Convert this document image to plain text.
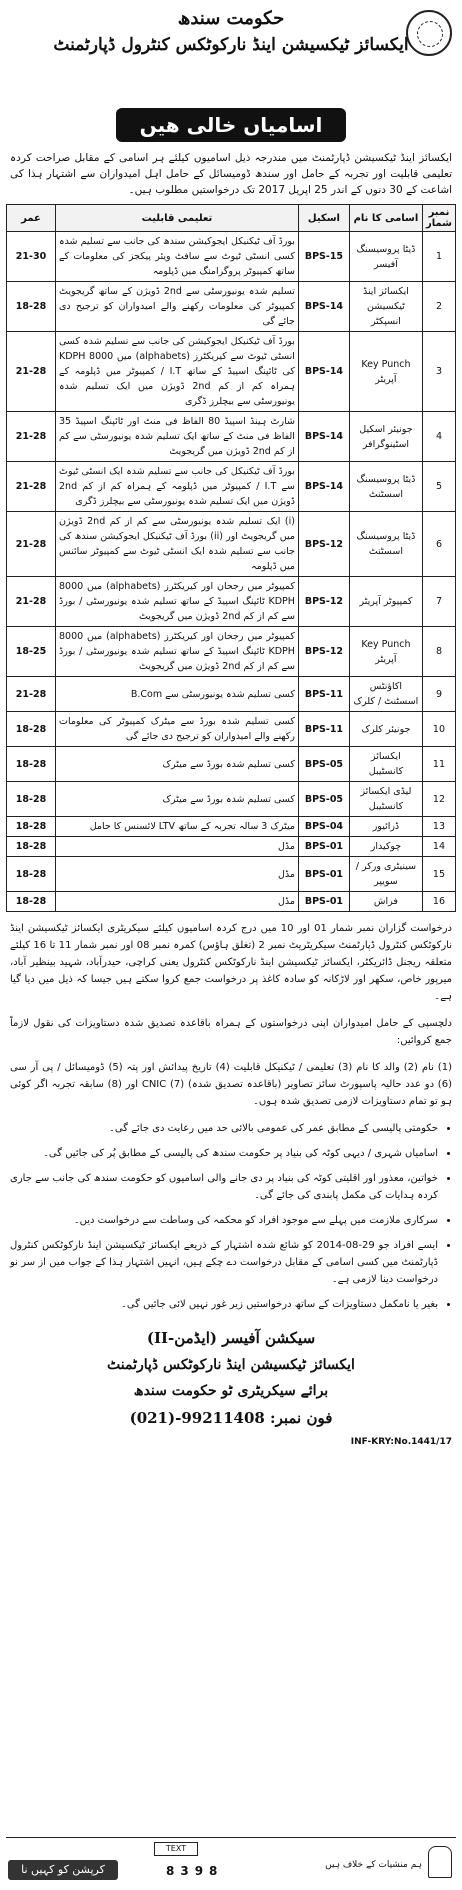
حکومت سندھ
ایکسائز ٹیکسیشن اینڈ نارکوٹکس کنٹرول ڈپارٹمنٹ
اسامیاں خالی ھیں
ایکسائز اینڈ ٹیکسیشن ڈپارٹمنٹ میں مندرجہ ذیل اسامیوں کیلئے ہر اسامی کے مقابل صراحت کردہ تعلیمی قابلیت اور تجربہ کے حامل اور سندھ ڈومیسائل کے حامل اہل امیدواران سے اشتہار ہذا کی اشاعت کے 30 دنوں کے اندر 25 اپریل 2017 تک درخواستیں مطلوب ہیں۔
نمبر شمار	اسامی کا نام	اسکیل	تعلیمی قابلیت	عمر
1	ڈیٹا پروسیسنگ آفیسر	BPS-15	بورڈ آف ٹیکنیکل ایجوکیشن سندھ کی جانب سے تسلیم شدہ کسی انسٹی ٹیوٹ سے سافٹ ویئر پیکجز کی معلومات کے ساتھ کمپیوٹر پروگرامنگ میں ڈپلومہ	21-30
2	ایکسائز اینڈ ٹیکسیشن انسپکٹر	BPS-14	تسلیم شدہ یونیورسٹی سے 2nd ڈویژن کے ساتھ گریجویٹ کمپیوٹر کی معلومات رکھنے والے امیدواران کو ترجیح دی جائے گی	18-28
3	Key Punch آپریٹر	BPS-14	بورڈ آف ٹیکنیکل ایجوکیشن کی جانب سے تسلیم شدہ کسی انسٹی ٹیوٹ سے کیریکٹرز (alphabets) میں 8000 KDPH کی ٹائپنگ اسپیڈ کے ساتھ I.T / کمپیوٹر میں ڈپلومہ کے ہمراہ کم از کم 2nd ڈویژن میں ایک تسلیم شدہ یونیورسٹی سے بیچلرز ڈگری	21-28
4	جونیئر اسکیل اسٹینوگرافر	BPS-14	شارٹ ہینڈ اسپیڈ 80 الفاظ فی منٹ اور ٹائپنگ اسپیڈ 35 الفاظ فی منٹ کے ساتھ ایک تسلیم شدہ یونیورسٹی سے کم از کم 2nd ڈویژن میں گریجویٹ	21-28
5	ڈیٹا پروسیسنگ اسسٹنٹ	BPS-14	بورڈ آف ٹیکنیکل کی جانب سے تسلیم شدہ ایک انسٹی ٹیوٹ سے I.T / کمپیوٹر میں ڈپلومہ کے ہمراہ کم از کم 2nd ڈویژن میں ایک تسلیم شدہ یونیورسٹی سے بیچلرز ڈگری	21-28
6	ڈیٹا پروسیسنگ اسسٹنٹ	BPS-12	(i) ایک تسلیم شدہ یونیورسٹی سے کم از کم 2nd ڈویژن میں گریجویٹ اور (ii) بورڈ آف ٹیکنیکل ایجوکیشن سندھ کی جانب سے تسلیم شدہ ایک انسٹی ٹیوٹ سے کمپیوٹر سائنس میں ڈپلومہ	21-28
7	کمپیوٹر آپریٹر	BPS-12	کمپیوٹر میں رجحان اور کیریکٹرز (alphabets) میں 8000 KDPH ٹائپنگ اسپیڈ کے ساتھ تسلیم شدہ یونیورسٹی / بورڈ سے کم از کم 2nd ڈویژن میں گریجویٹ	21-28
8	Key Punch آپریٹر	BPS-12	کمپیوٹر میں رجحان اور کیریکٹرز (alphabets) میں 8000 KDPH ٹائپنگ اسپیڈ کے ساتھ تسلیم شدہ یونیورسٹی / بورڈ سے کم از کم 2nd ڈویژن میں گریجویٹ	18-25
9	اکاؤنٹس اسسٹنٹ / کلرک	BPS-11	کسی تسلیم شدہ یونیورسٹی سے B.Com	21-28
10	جونیئر کلرک	BPS-11	کسی تسلیم شدہ بورڈ سے میٹرک کمپیوٹر کی معلومات رکھنے والے امیدواران کو ترجیح دی جائے گی	18-28
11	ایکسائز کانسٹیبل	BPS-05	کسی تسلیم شدہ بورڈ سے میٹرک	18-28
12	لیڈی ایکسائز کانسٹیبل	BPS-05	کسی تسلیم شدہ بورڈ سے میٹرک	18-28
13	ڈرائیور	BPS-04	میٹرک 3 سالہ تجربہ کے ساتھ LTV لائسنس کا حامل	18-28
14	چوکیدار	BPS-01	مڈل	18-28
15	سینیٹری ورکر / سویپر	BPS-01	مڈل	18-28
16	فراش	BPS-01	مڈل	18-28

درخواست گزاران نمبر شمار 01 اور 10 میں درج کردہ اسامیوں کیلئے سیکریٹری ایکسائز ٹیکسیشن اینڈ نارکوٹکس کنٹرول ڈپارٹمنٹ سیکریٹریٹ نمبر 2 (تغلق ہاؤس) کمرہ نمبر 08 اور نمبر شمار 11 تا 16 کیلئے متعلقہ ریجنل ڈائریکٹر، ایکسائز ٹیکسیشن اینڈ نارکوٹکس کنٹرول یعنی کراچی، حیدرآباد، شہید بینظیر آباد، میرپور خاص، سکھر اور لاڑکانہ کو سادہ کاغذ پر درخواست جمع کروا سکتے ہیں جیسا کہ ذیل میں دیا گیا ہے۔

دلچسپی کے حامل امیدواران اپنی درخواستوں کے ہمراہ باقاعدہ تصدیق شدہ دستاویزات کی نقول لازماً جمع کروائیں:

(1) نام (2) والد کا نام (3) تعلیمی / ٹیکنیکل قابلیت (4) تاریخ پیدائش اور پتہ (5) ڈومیسائل / پی آر سی (6) دو عدد حالیہ پاسپورٹ سائز تصاویر (باقاعدہ تصدیق شدہ) (7) CNIC اور (8) سابقہ تجربہ اگر کوئی ہو تو تمام دستاویزات لازمی تصدیق شدہ ہوں۔

• حکومتی پالیسی کے مطابق عمر کی عمومی بالائی حد میں رعایت دی جائے گی۔
• اسامیاں شہری / دیہی کوٹہ کی بنیاد پر حکومت سندھ کی پالیسی کے مطابق پُر کی جائیں گی۔
• خواتین، معذور اور اقلیتی کوٹہ کی بنیاد پر دی جانے والی اسامیوں کو حکومت سندھ کی جانب سے جاری کردہ ہدایات کی مکمل پابندی کی جائے گی۔
• سرکاری ملازمت میں پہلے سے موجود افراد کو محکمہ کی وساطت سے درخواست دیں۔
• ایسے افراد جو 29-08-2014 کو شائع شدہ اشتہار کے ذریعے ایکسائز ٹیکسیشن اینڈ نارکوٹکس کنٹرول ڈپارٹمنٹ میں کسی اسامی کے مقابل درخواست دے چکے ہیں، انہیں اشتہار ہذا کے جواب میں از سر نو درخواست دینا لازمی ہے۔
• بغیر یا نامکمل دستاویزات کے ساتھ درخواستیں زیر غور نہیں لائی جائیں گی۔
سیکشن آفیسر (ایڈمن-II)
ایکسائز ٹیکسیشن اینڈ نارکوٹکس ڈپارٹمنٹ
برائے سیکریٹری ٹو حکومت سندھ
فون نمبر: 99211408-(021)
INF-KRY:No.1441/17
کرپشن کو کہیں نا
TEXT
8398	ہم منشیات کے خلاف ہیں
